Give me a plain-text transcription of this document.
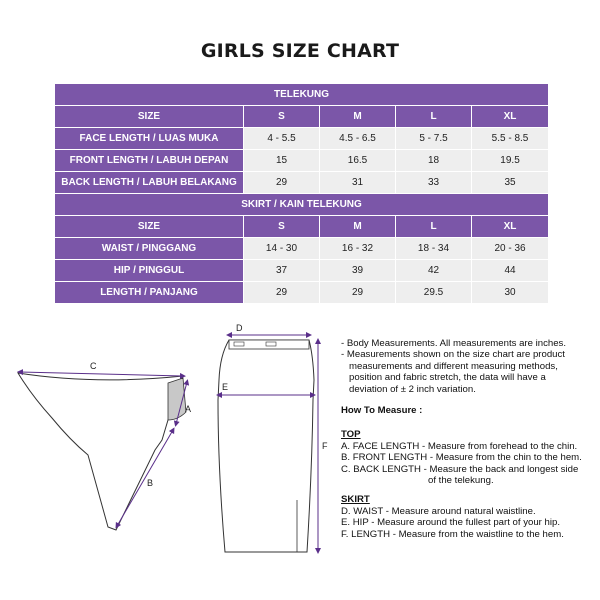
GIRLS SIZE CHART
TELEKUNG				
SIZE	S	M	L	XL
FACE LENGTH / LUAS MUKA	4 - 5.5	4.5 - 6.5	5 - 7.5	5.5 - 8.5
FRONT LENGTH / LABUH DEPAN	15	16.5	18	19.5
BACK LENGTH / LABUH BELAKANG	29	31	33	35
SKIRT / KAIN TELEKUNG				
SIZE	S	M	L	XL
WAIST / PINGGANG	14 - 30	16 - 32	18 - 34	20 - 36
HIP / PINGGUL	37	39	42	44
LENGTH / PANJANG	29	29	29.5	30
C
A
B
D
E
F
- Body Measurements. All measurements are inches.
- Measurements shown on the size chart are product
measurements and different measuring methods,
position and fabric stretch, the data will have a
deviation of ± 2 inch variation.
How To Measure :
TOP
A. FACE LENGTH - Measure from forehead to the chin.
B. FRONT LENGTH - Measure from the chin to the hem.
C. BACK LENGTH - Measure the back and longest side
of the telekung.
SKIRT
D. WAIST - Measure around natural waistline.
E. HIP - Measure around the fullest part of your hip.
F. LENGTH - Measure from the waistline to the hem.
